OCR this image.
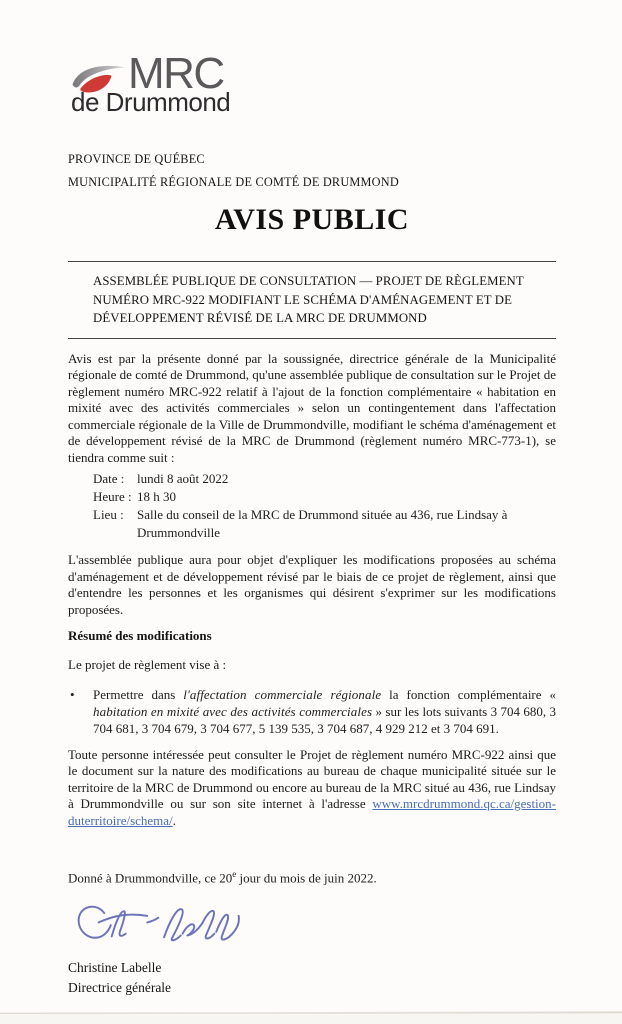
MRC
de Drummond
PROVINCE DE QUÉBEC
MUNICIPALITÉ RÉGIONALE DE COMTÉ DE DRUMMOND
AVIS PUBLIC
ASSEMBLÉE PUBLIQUE DE CONSULTATION — PROJET DE RÈGLEMENT NUMÉRO MRC-922 MODIFIANT LE SCHÉMA D'AMÉNAGEMENT ET DE DÉVELOPPEMENT RÉVISÉ DE LA MRC DE DRUMMOND

Avis est par la présente donné par la soussignée, directrice générale de la Municipalité régionale de comté de Drummond, qu'une assemblée publique de consultation sur le Projet de règlement numéro MRC-922 relatif à l'ajout de la fonction complémentaire « habitation en mixité avec des activités commerciales » selon un contingentement dans l'affectation commerciale régionale de la Ville de Drummondville, modifiant le schéma d'aménagement et de développement révisé de la MRC de Drummond (règlement numéro MRC-773-1), se tiendra comme suit :

Date : lundi 8 août 2022
Heure : 18 h 30
Lieu :	Salle du conseil de la MRC de Drummond située au 436, rue Lindsay à Drummondville

L'assemblée publique aura pour objet d'expliquer les modifications proposées au schéma d'aménagement et de développement révisé par le biais de ce projet de règlement, ainsi que d'entendre les personnes et les organismes qui désirent s'exprimer sur les modifications proposées.

Résumé des modifications

Le projet de règlement vise à :

•	Permettre dans l'affectation commerciale régionale la fonction complémentaire « habitation en mixité avec des activités commerciales » sur les lots suivants 3 704 680, 3 704 681, 3 704 679, 3 704 677, 5 139 535, 3 704 687, 4 929 212 et 3 704 691.

Toute personne intéressée peut consulter le Projet de règlement numéro MRC-922 ainsi que le document sur la nature des modifications au bureau de chaque municipalité située sur le territoire de la MRC de Drummond ou encore au bureau de la MRC situé au 436, rue Lindsay à Drummondville ou sur son site internet à l'adresse www.mrcdrummond.qc.ca/gestion-duterritoire/schema/.

Donné à Drummondville, ce 20e jour du mois de juin 2022.

Christine Labelle
Directrice générale
